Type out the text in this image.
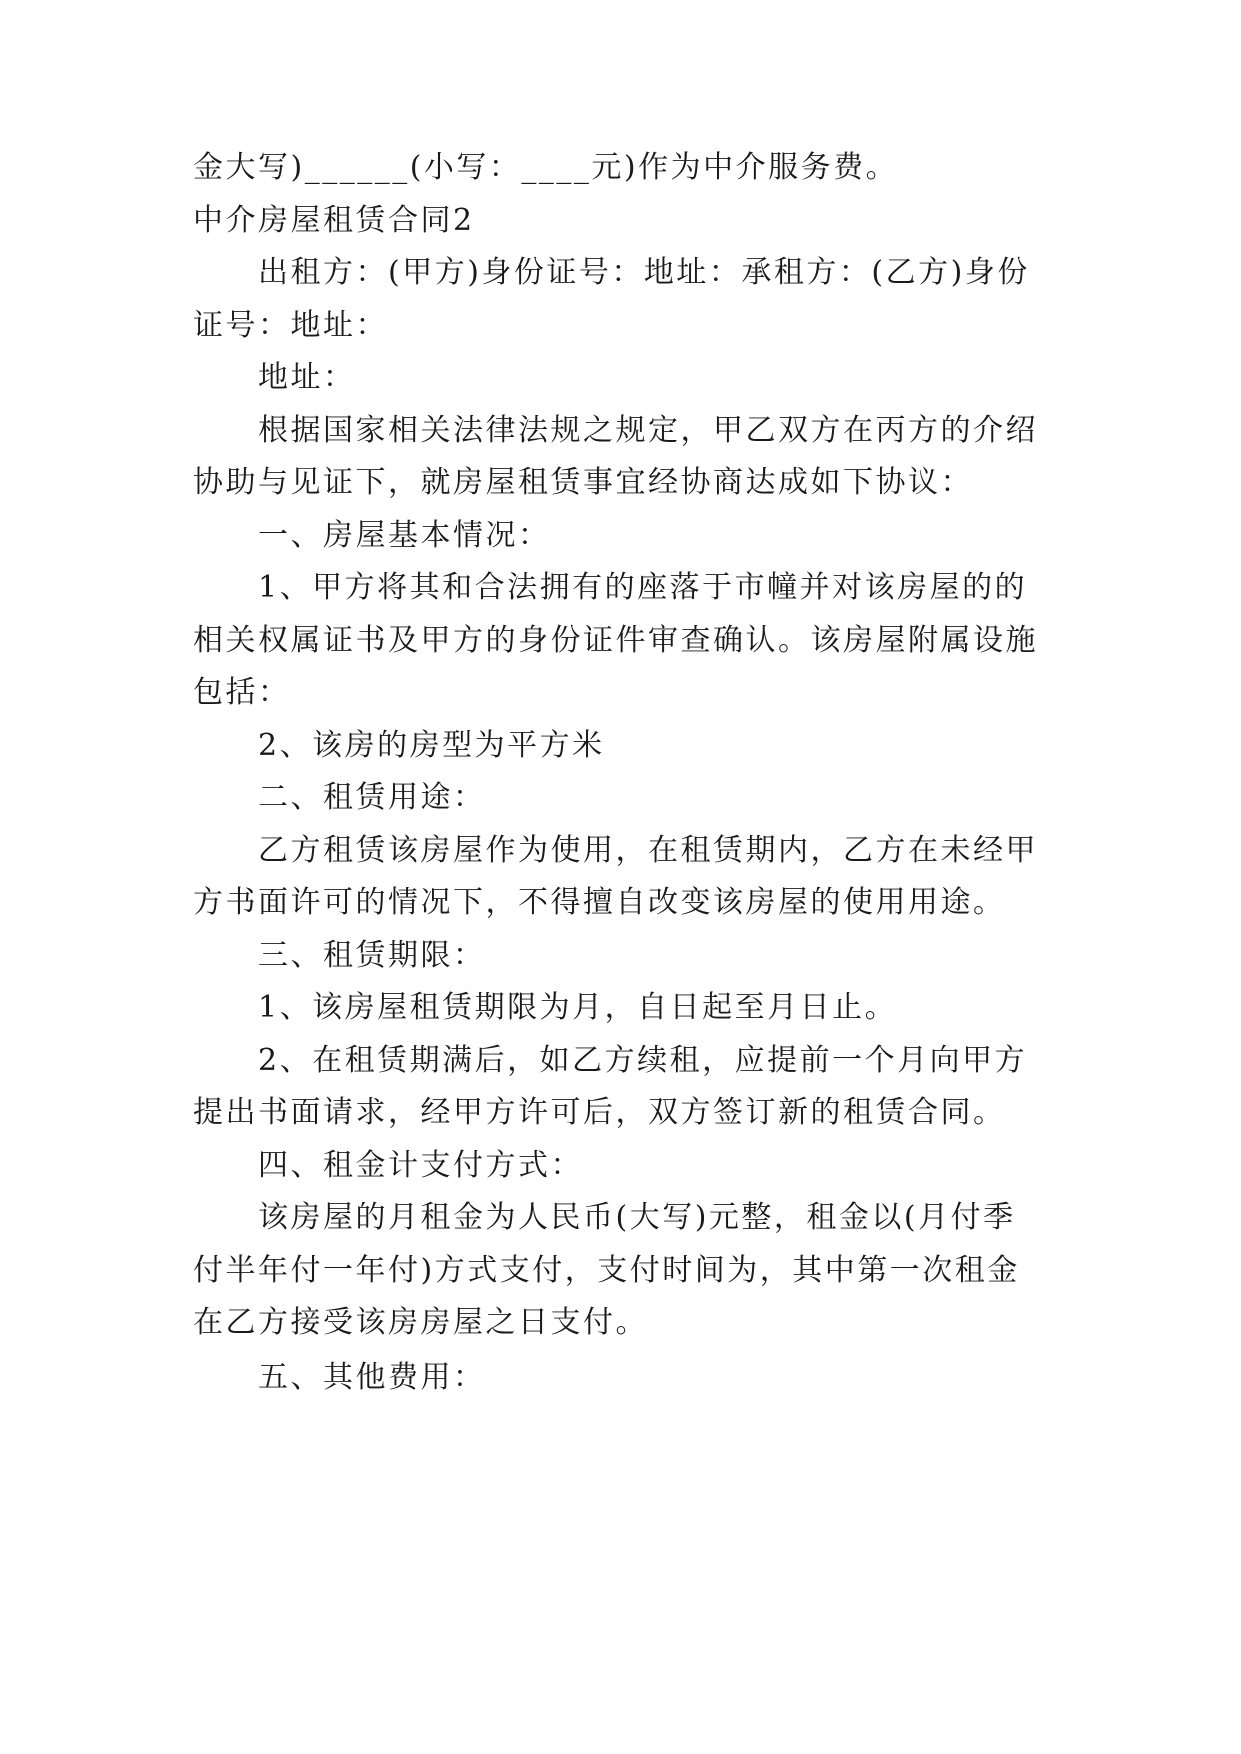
金大写)______(小写：____元)作为中介服务费。
中介房屋租赁合同2
出租方：(甲方)身份证号：地址：承租方：(乙方)身份
证号：地址：
地址：
根据国家相关法律法规之规定，甲乙双方在丙方的介绍
协助与见证下，就房屋租赁事宜经协商达成如下协议：
一、房屋基本情况：
1、甲方将其和合法拥有的座落于市幢并对该房屋的的
相关权属证书及甲方的身份证件审查确认。该房屋附属设施
包括：
2、该房的房型为平方米
二、租赁用途：
乙方租赁该房屋作为使用，在租赁期内，乙方在未经甲
方书面许可的情况下，不得擅自改变该房屋的使用用途。
三、租赁期限：
1、该房屋租赁期限为月，自日起至月日止。
2、在租赁期满后，如乙方续租，应提前一个月向甲方
提出书面请求，经甲方许可后，双方签订新的租赁合同。
四、租金计支付方式：
该房屋的月租金为人民币(大写)元整，租金以(月付季
付半年付一年付)方式支付，支付时间为，其中第一次租金
在乙方接受该房房屋之日支付。
五、其他费用：
